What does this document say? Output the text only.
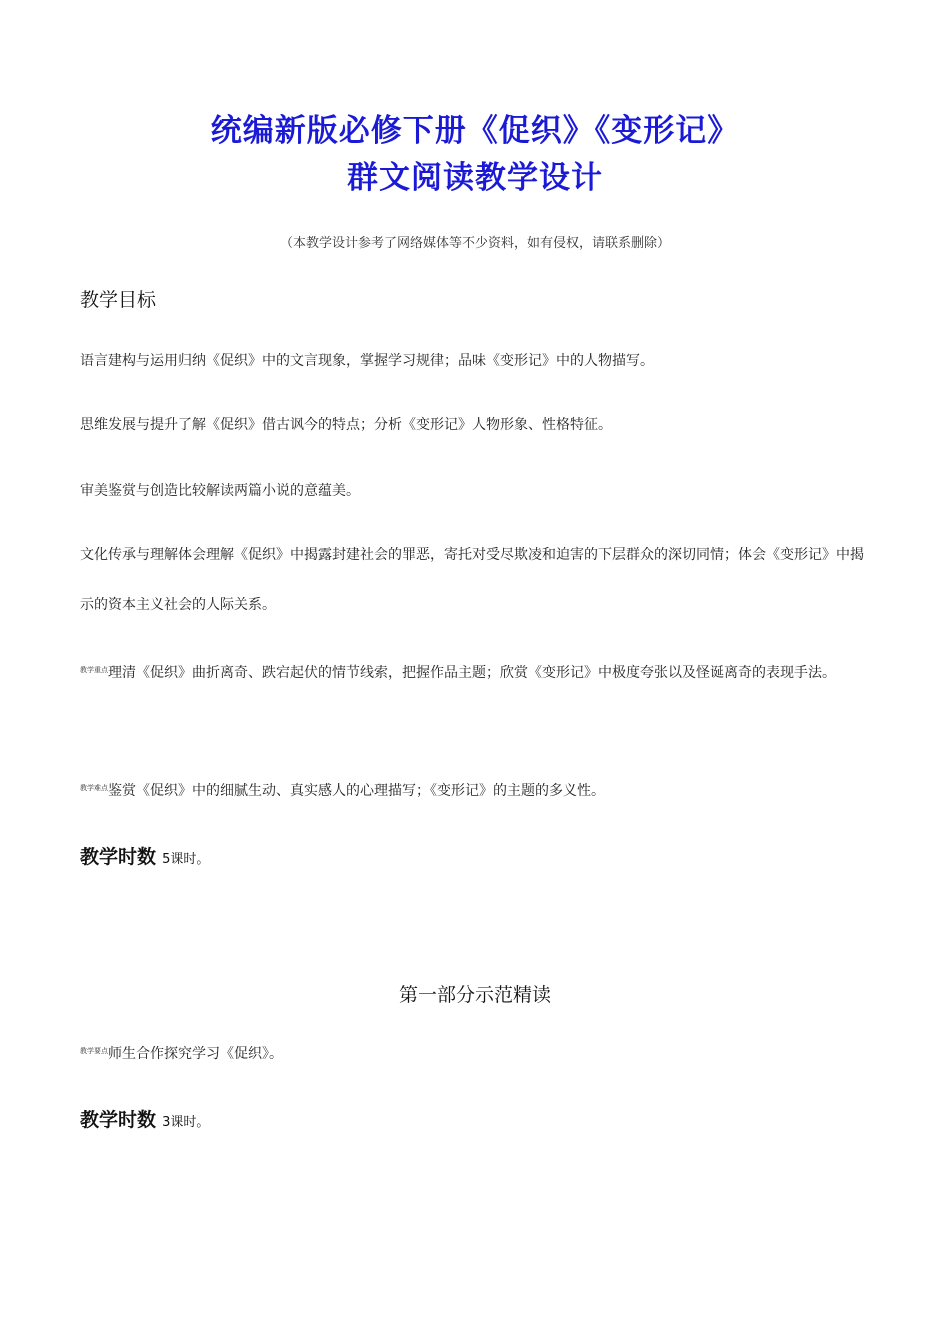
统编新版必修下册《促织》《变形记》
群文阅读教学设计
（本教学设计参考了网络媒体等不少资料，如有侵权，请联系删除）
教学目标
语言建构与运用归纳《促织》中的文言现象，掌握学习规律；品味《变形记》中的人物描写。
思维发展与提升了解《促织》借古讽今的特点；分析《变形记》人物形象、性格特征。
审美鉴赏与创造比较解读两篇小说的意蕴美。
文化传承与理解体会理解《促织》中揭露封建社会的罪恶，寄托对受尽欺凌和迫害的下层群众的深切同情；体会《变形记》中揭示的资本主义社会的人际关系。
$^{教学重点}$理清《促织》曲折离奇、跌宕起伏的情节线索，把握作品主题；欣赏《变形记》中极度夸张以及怪诞离奇的表现手法。
$^{教学难点}$鉴赏《促织》中的细腻生动、真实感人的心理描写；《变形记》的主题的多义性。
教学时数 5课时。
第一部分示范精读
$^{教学要点}$师生合作探究学习《促织》。
教学时数 3课时。
